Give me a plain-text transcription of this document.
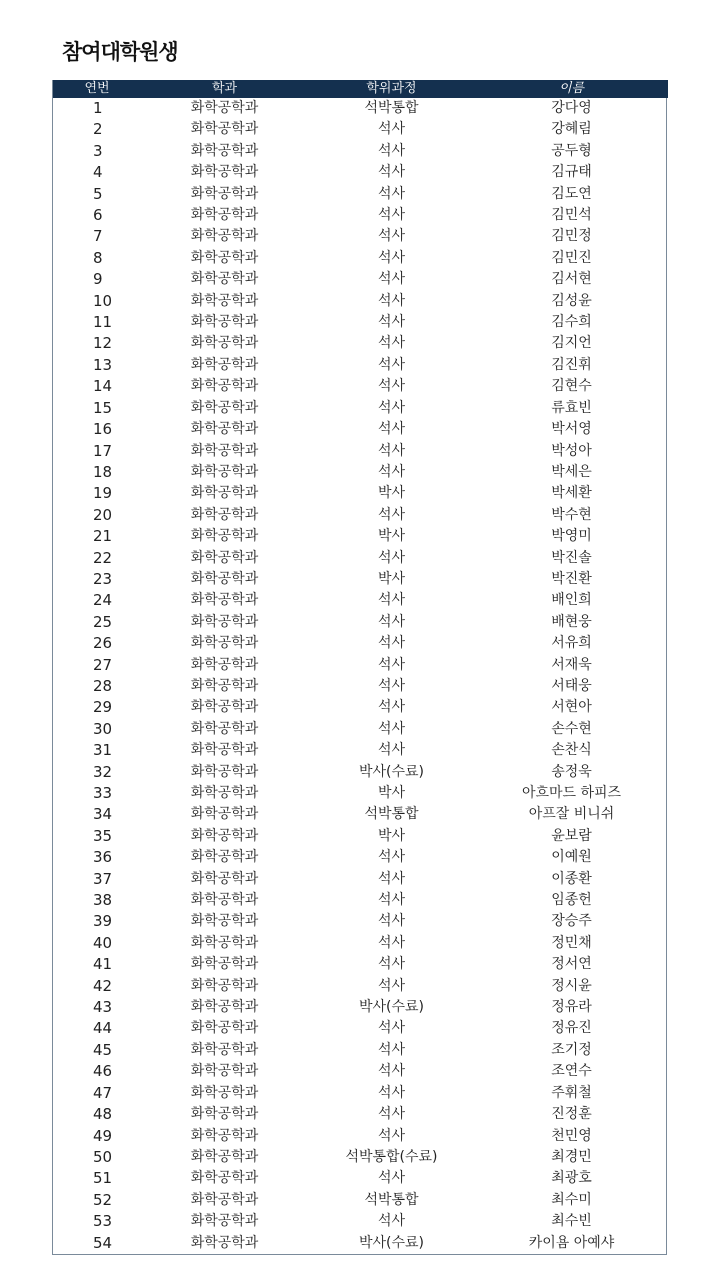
참여대학원생
연번	학과	학위과정	이름
1	화학공학과	석박통합	강다영
2	화학공학과	석사	강혜림
3	화학공학과	석사	공두형
4	화학공학과	석사	김규태
5	화학공학과	석사	김도연
6	화학공학과	석사	김민석
7	화학공학과	석사	김민정
8	화학공학과	석사	김민진
9	화학공학과	석사	김서현
10	화학공학과	석사	김성윤
11	화학공학과	석사	김수희
12	화학공학과	석사	김지언
13	화학공학과	석사	김진휘
14	화학공학과	석사	김현수
15	화학공학과	석사	류효빈
16	화학공학과	석사	박서영
17	화학공학과	석사	박성아
18	화학공학과	석사	박세은
19	화학공학과	박사	박세환
20	화학공학과	석사	박수현
21	화학공학과	박사	박영미
22	화학공학과	석사	박진솔
23	화학공학과	박사	박진환
24	화학공학과	석사	배인희
25	화학공학과	석사	배현웅
26	화학공학과	석사	서유희
27	화학공학과	석사	서재욱
28	화학공학과	석사	서태웅
29	화학공학과	석사	서현아
30	화학공학과	석사	손수현
31	화학공학과	석사	손찬식
32	화학공학과	박사(수료)	송정욱
33	화학공학과	박사	아흐마드 하피즈
34	화학공학과	석박통합	아프잘 비니쉬
35	화학공학과	박사	윤보람
36	화학공학과	석사	이예원
37	화학공학과	석사	이종환
38	화학공학과	석사	임종헌
39	화학공학과	석사	장승주
40	화학공학과	석사	정민채
41	화학공학과	석사	정서연
42	화학공학과	석사	정시윤
43	화학공학과	박사(수료)	정유라
44	화학공학과	석사	정유진
45	화학공학과	석사	조기정
46	화학공학과	석사	조연수
47	화학공학과	석사	주휘철
48	화학공학과	석사	진정훈
49	화학공학과	석사	천민영
50	화학공학과	석박통합(수료)	최경민
51	화학공학과	석사	최광호
52	화학공학과	석박통합	최수미
53	화학공학과	석사	최수빈
54	화학공학과	박사(수료)	카이욤 아예샤
